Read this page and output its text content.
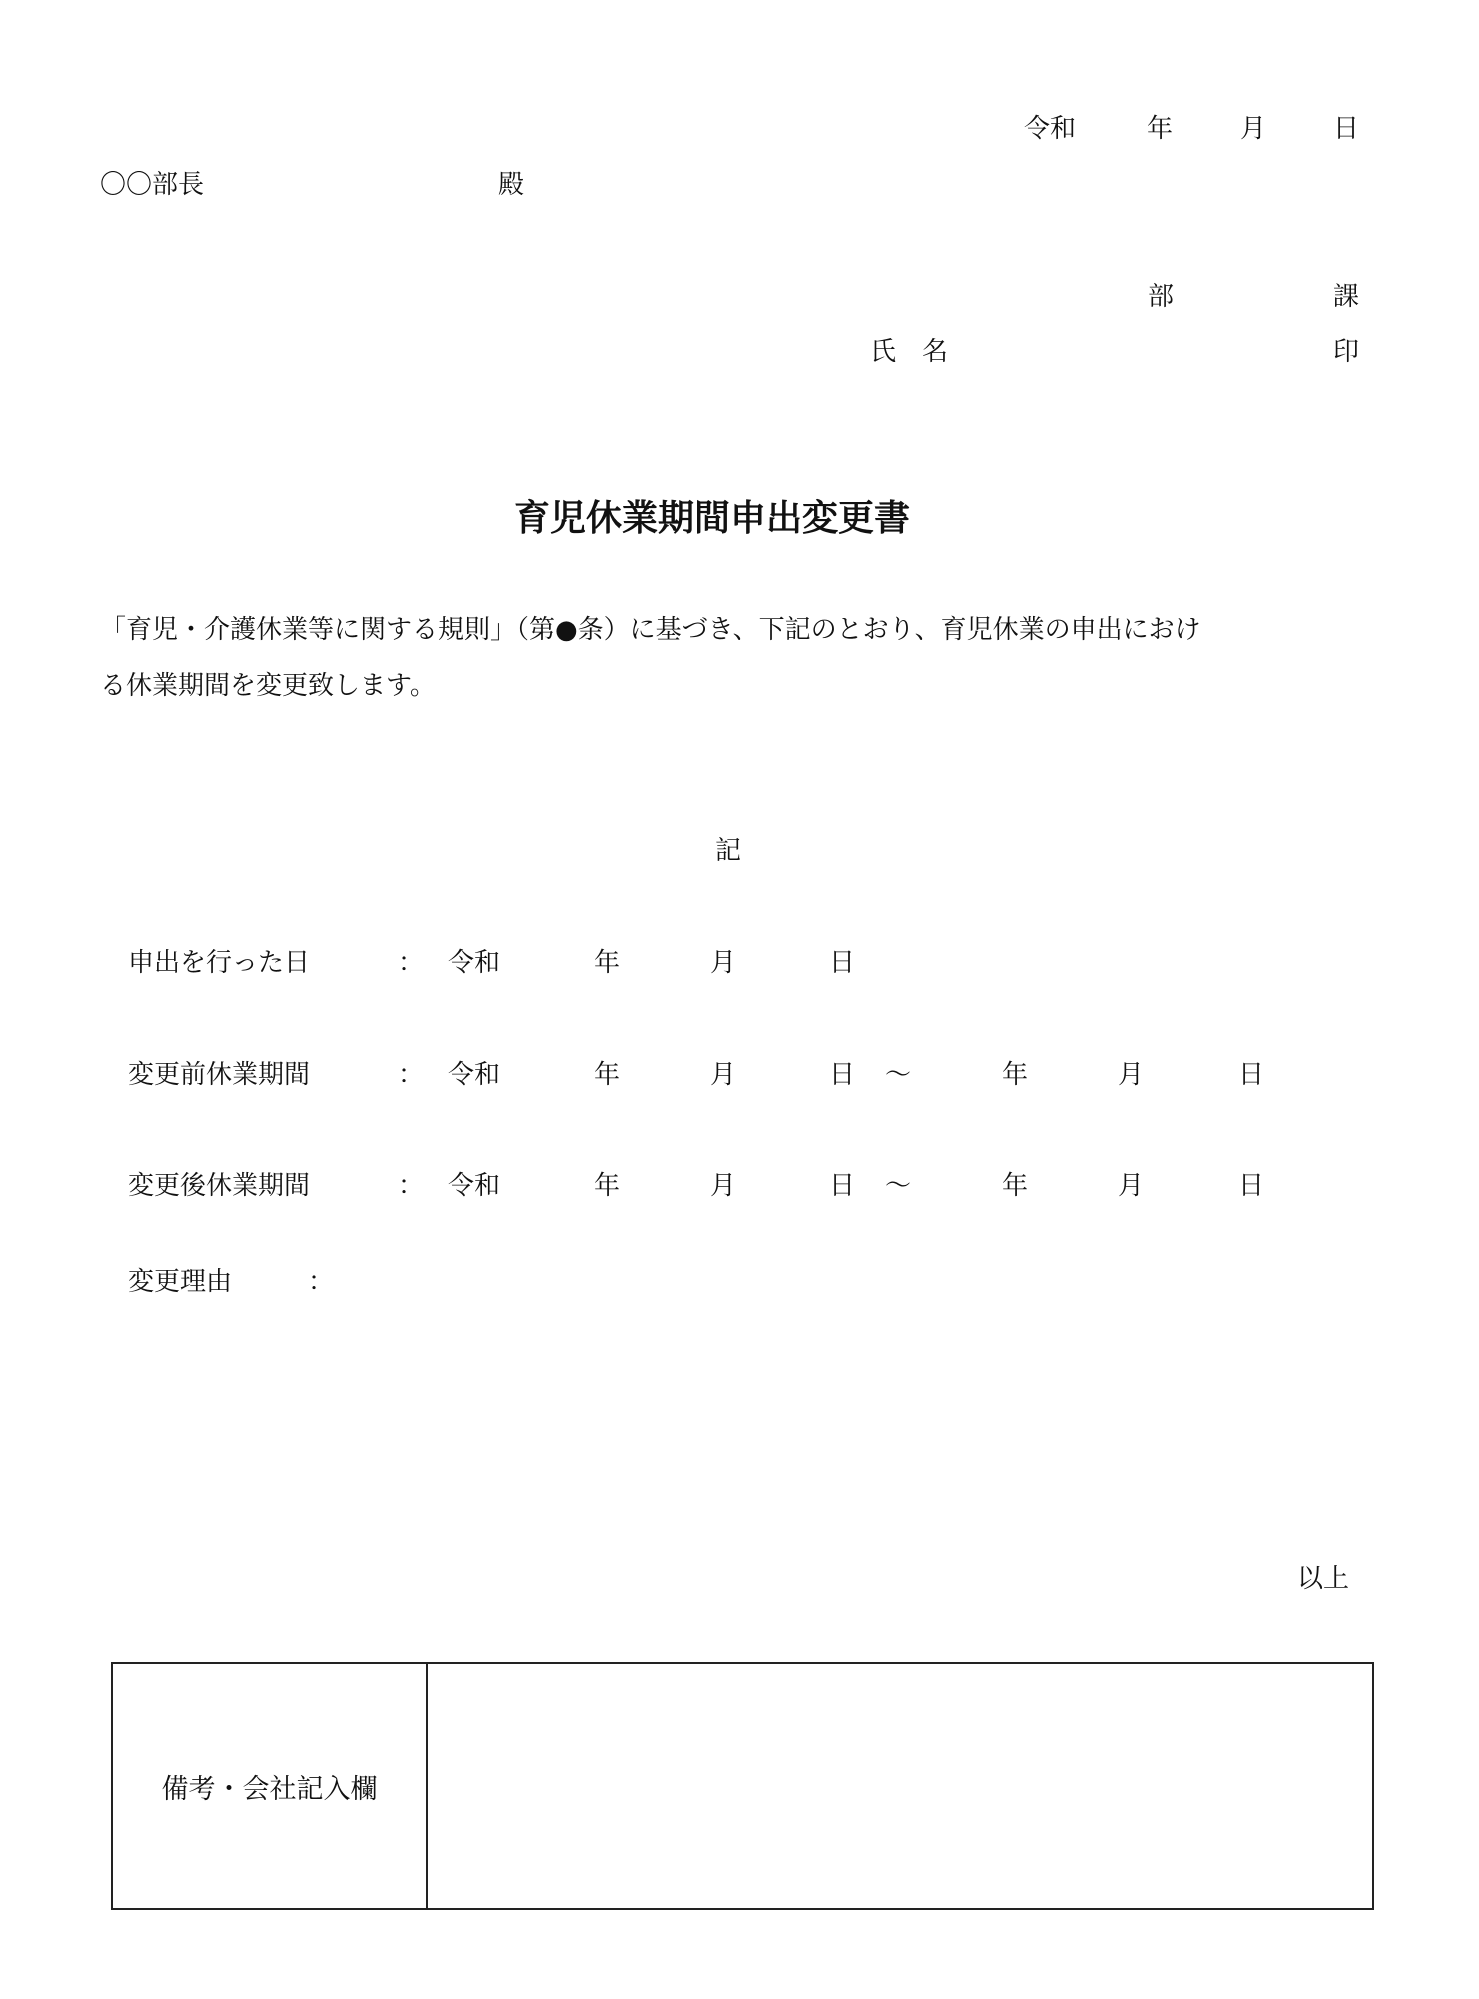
令和	年	月	日
〇〇部長	殿
部	課
氏　名	印
育児休業期間申出変更書
「育児・介護休業等に関する規則」（第●条）に基づき、下記のとおり、育児休業の申出におけ
る休業期間を変更致します。
記
申出を行った日	： 令和	年	月	日
変更前休業期間	： 令和	年	月	日 ～	年	月	日
変更後休業期間	： 令和	年	月	日 ～	年	月	日
変更理由	：
以上
備考・会社記入欄
